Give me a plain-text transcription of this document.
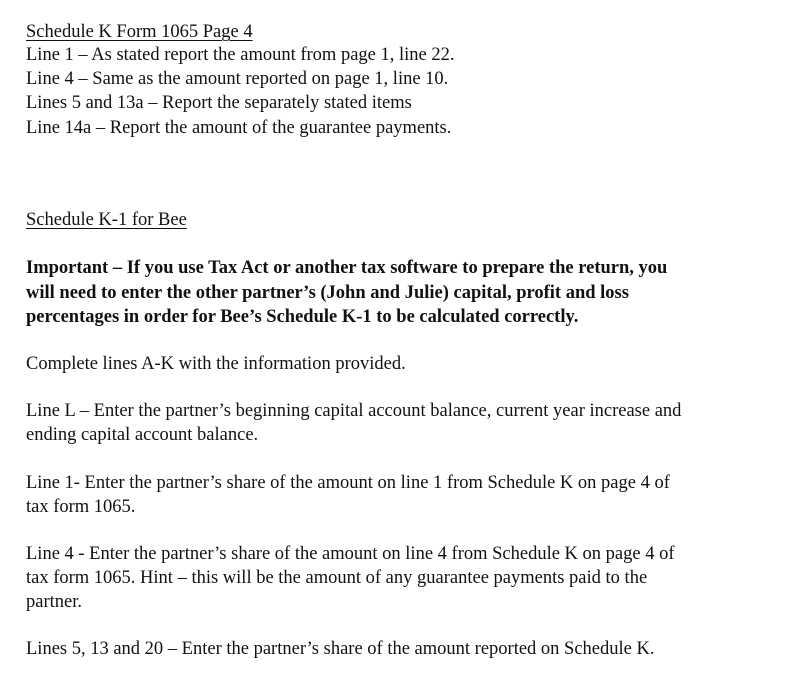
Schedule K Form 1065 Page 4

Line 1 – As stated report the amount from page 1, line 22.

Line 4 – Same as the amount reported on page 1, line 10.

Lines 5 and 13a – Report the separately stated items

Line 14a – Report the amount of the guarantee payments.

Schedule K-1 for Bee

Important – If you use Tax Act or another tax software to prepare the return, you

will need to enter the other partner’s (John and Julie) capital, profit and loss

percentages in order for Bee’s Schedule K-1 to be calculated correctly.

Complete lines A-K with the information provided.

Line L – Enter the partner’s beginning capital account balance, current year increase and

ending capital account balance.

Line 1- Enter the partner’s share of the amount on line 1 from Schedule K on page 4 of

tax form 1065.

Line 4 - Enter the partner’s share of the amount on line 4 from Schedule K on page 4 of

tax form 1065. Hint – this will be the amount of any guarantee payments paid to the

partner.

Lines 5, 13 and 20 – Enter the partner’s share of the amount reported on Schedule K.
